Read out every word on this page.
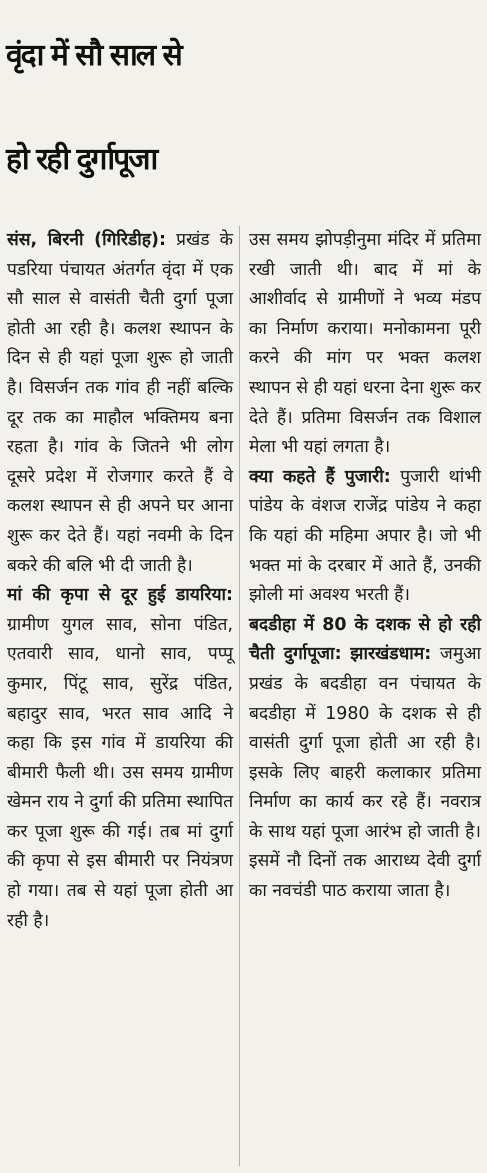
वृंदा में सौ साल से
हो रही दुर्गापूजा

संस, बिरनी (गिरिडीह): प्रखंड के पडरिया पंचायत अंतर्गत वृंदा में एक सौ साल से वासंती चैती दुर्गा पूजा होती आ रही है। कलश स्थापन के दिन से ही यहां पूजा शुरू हो जाती है। विसर्जन तक गांव ही नहीं बल्कि दूर तक का माहौल भक्तिमय बना रहता है। गांव के जितने भी लोग दूसरे प्रदेश में रोजगार करते हैं वे कलश स्थापन से ही अपने घर आना शुरू कर देते हैं। यहां नवमी के दिन बकरे की बलि भी दी जाती है।

मां की कृपा से दूर हुई डायरिया: ग्रामीण युगल साव, सोना पंडित, एतवारी साव, धानो साव, पप्पू कुमार, पिंटू साव, सुरेंद्र पंडित, बहादुर साव, भरत साव आदि ने कहा कि इस गांव में डायरिया की बीमारी फैली थी। उस समय ग्रामीण खेमन राय ने दुर्गा की प्रतिमा स्थापित कर पूजा शुरू की गई। तब मां दुर्गा की कृपा से इस बीमारी पर नियंत्रण हो गया। तब से यहां पूजा होती आ रही है।

उस समय झोपड़ीनुमा मंदिर में प्रतिमा रखी जाती थी। बाद में मां के आशीर्वाद से ग्रामीणों ने भव्य मंडप का निर्माण कराया। मनोकामना पूरी करने की मांग पर भक्त कलश स्थापन से ही यहां धरना देना शुरू कर देते हैं। प्रतिमा विसर्जन तक विशाल मेला भी यहां लगता है।

क्या कहते हैं पुजारी: पुजारी थांभी पांडेय के वंशज राजेंद्र पांडेय ने कहा कि यहां की महिमा अपार है। जो भी भक्त मां के दरबार में आते हैं, उनकी झोली मां अवश्य भरती हैं।

बदडीहा में 80 के दशक से हो रही चैती दुर्गापूजा: झारखंडधाम: जमुआ प्रखंड के बदडीहा वन पंचायत के बदडीहा में 1980 के दशक से ही वासंती दुर्गा पूजा होती आ रही है। इसके लिए बाहरी कलाकार प्रतिमा निर्माण का कार्य कर रहे हैं। नवरात्र के साथ यहां पूजा आरंभ हो जाती है। इसमें नौ दिनों तक आराध्य देवी दुर्गा का नवचंडी पाठ कराया जाता है।
